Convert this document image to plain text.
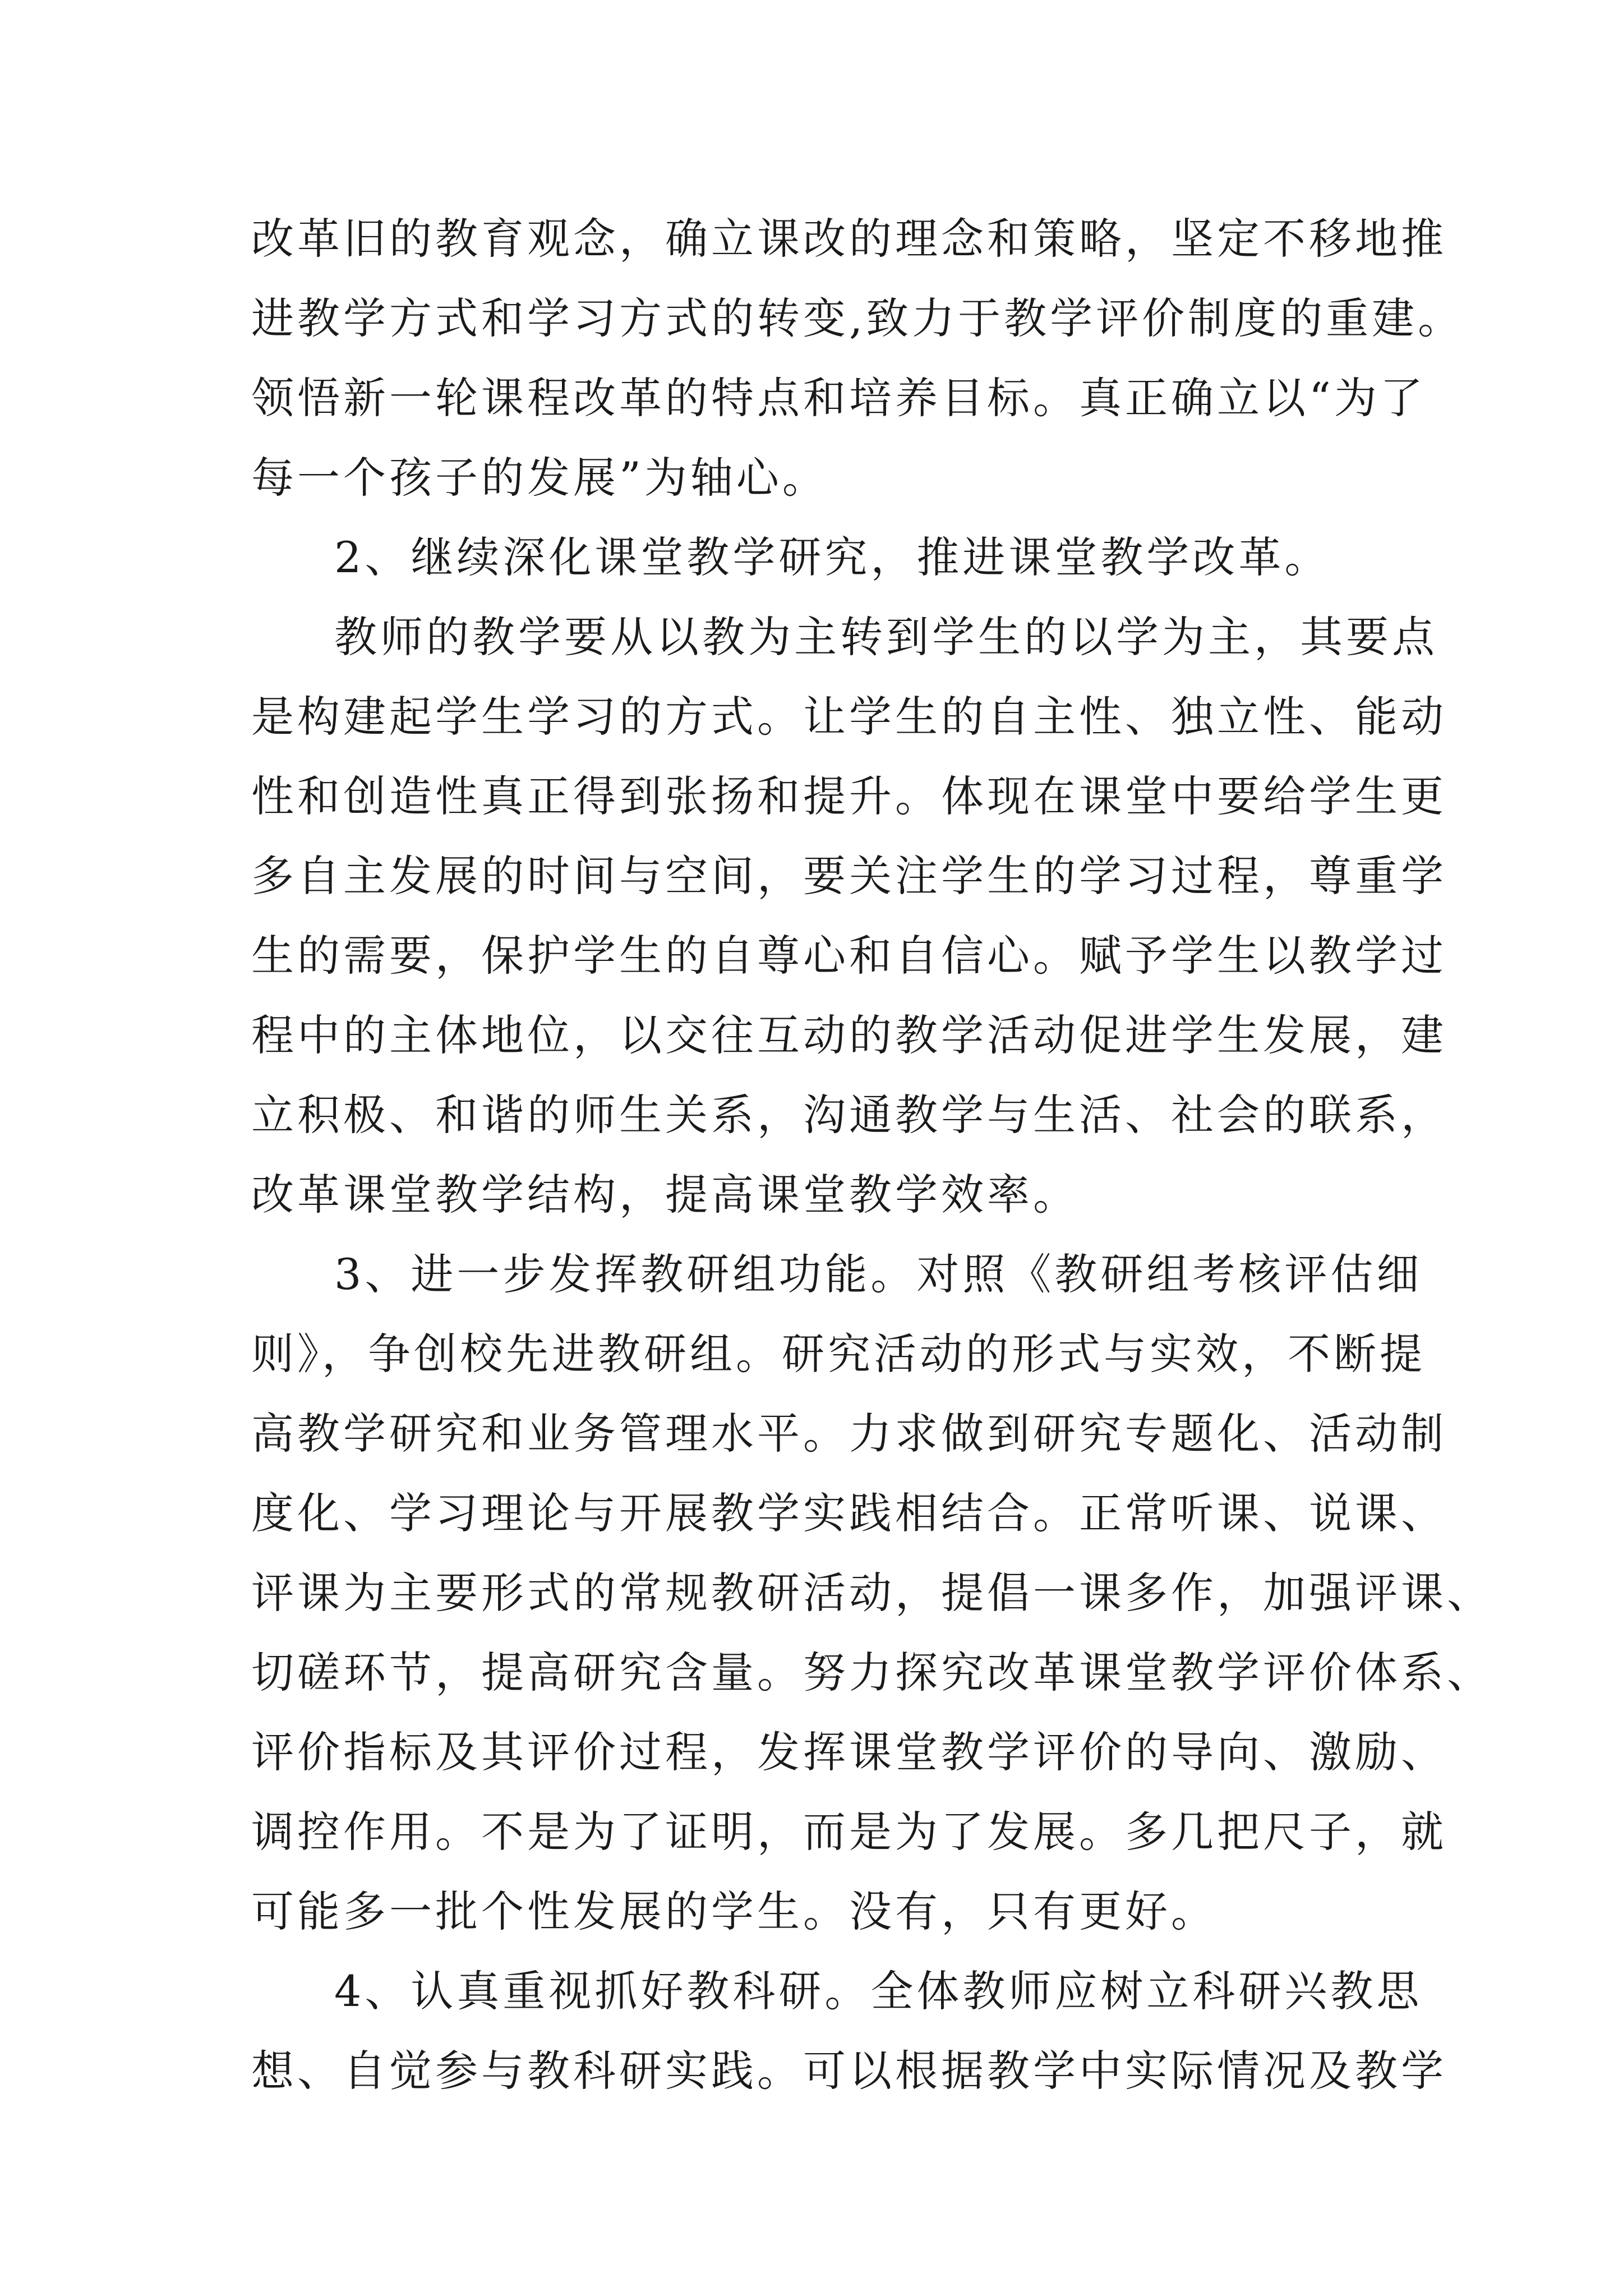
改革旧的教育观念，确立课改的理念和策略，坚定不移地推
进教学方式和学习方式的转变,致力于教学评价制度的重建。
领悟新一轮课程改革的特点和培养目标。真正确立以“为了
每一个孩子的发展”为轴心。
2、继续深化课堂教学研究，推进课堂教学改革。
教师的教学要从以教为主转到学生的以学为主，其要点
是构建起学生学习的方式。让学生的自主性、独立性、能动
性和创造性真正得到张扬和提升。体现在课堂中要给学生更
多自主发展的时间与空间，要关注学生的学习过程，尊重学
生的需要，保护学生的自尊心和自信心。赋予学生以教学过
程中的主体地位，以交往互动的教学活动促进学生发展，建
立积极、和谐的师生关系，沟通教学与生活、社会的联系，
改革课堂教学结构，提高课堂教学效率。
3、进一步发挥教研组功能。对照《教研组考核评估细
则》，争创校先进教研组。研究活动的形式与实效，不断提
高教学研究和业务管理水平。力求做到研究专题化、活动制
度化、学习理论与开展教学实践相结合。正常听课、说课、
评课为主要形式的常规教研活动，提倡一课多作，加强评课、
切磋环节，提高研究含量。努力探究改革课堂教学评价体系、
评价指标及其评价过程，发挥课堂教学评价的导向、激励、
调控作用。不是为了证明，而是为了发展。多几把尺子，就
可能多一批个性发展的学生。没有，只有更好。
4、认真重视抓好教科研。全体教师应树立科研兴教思
想、自觉参与教科研实践。可以根据教学中实际情况及教学
